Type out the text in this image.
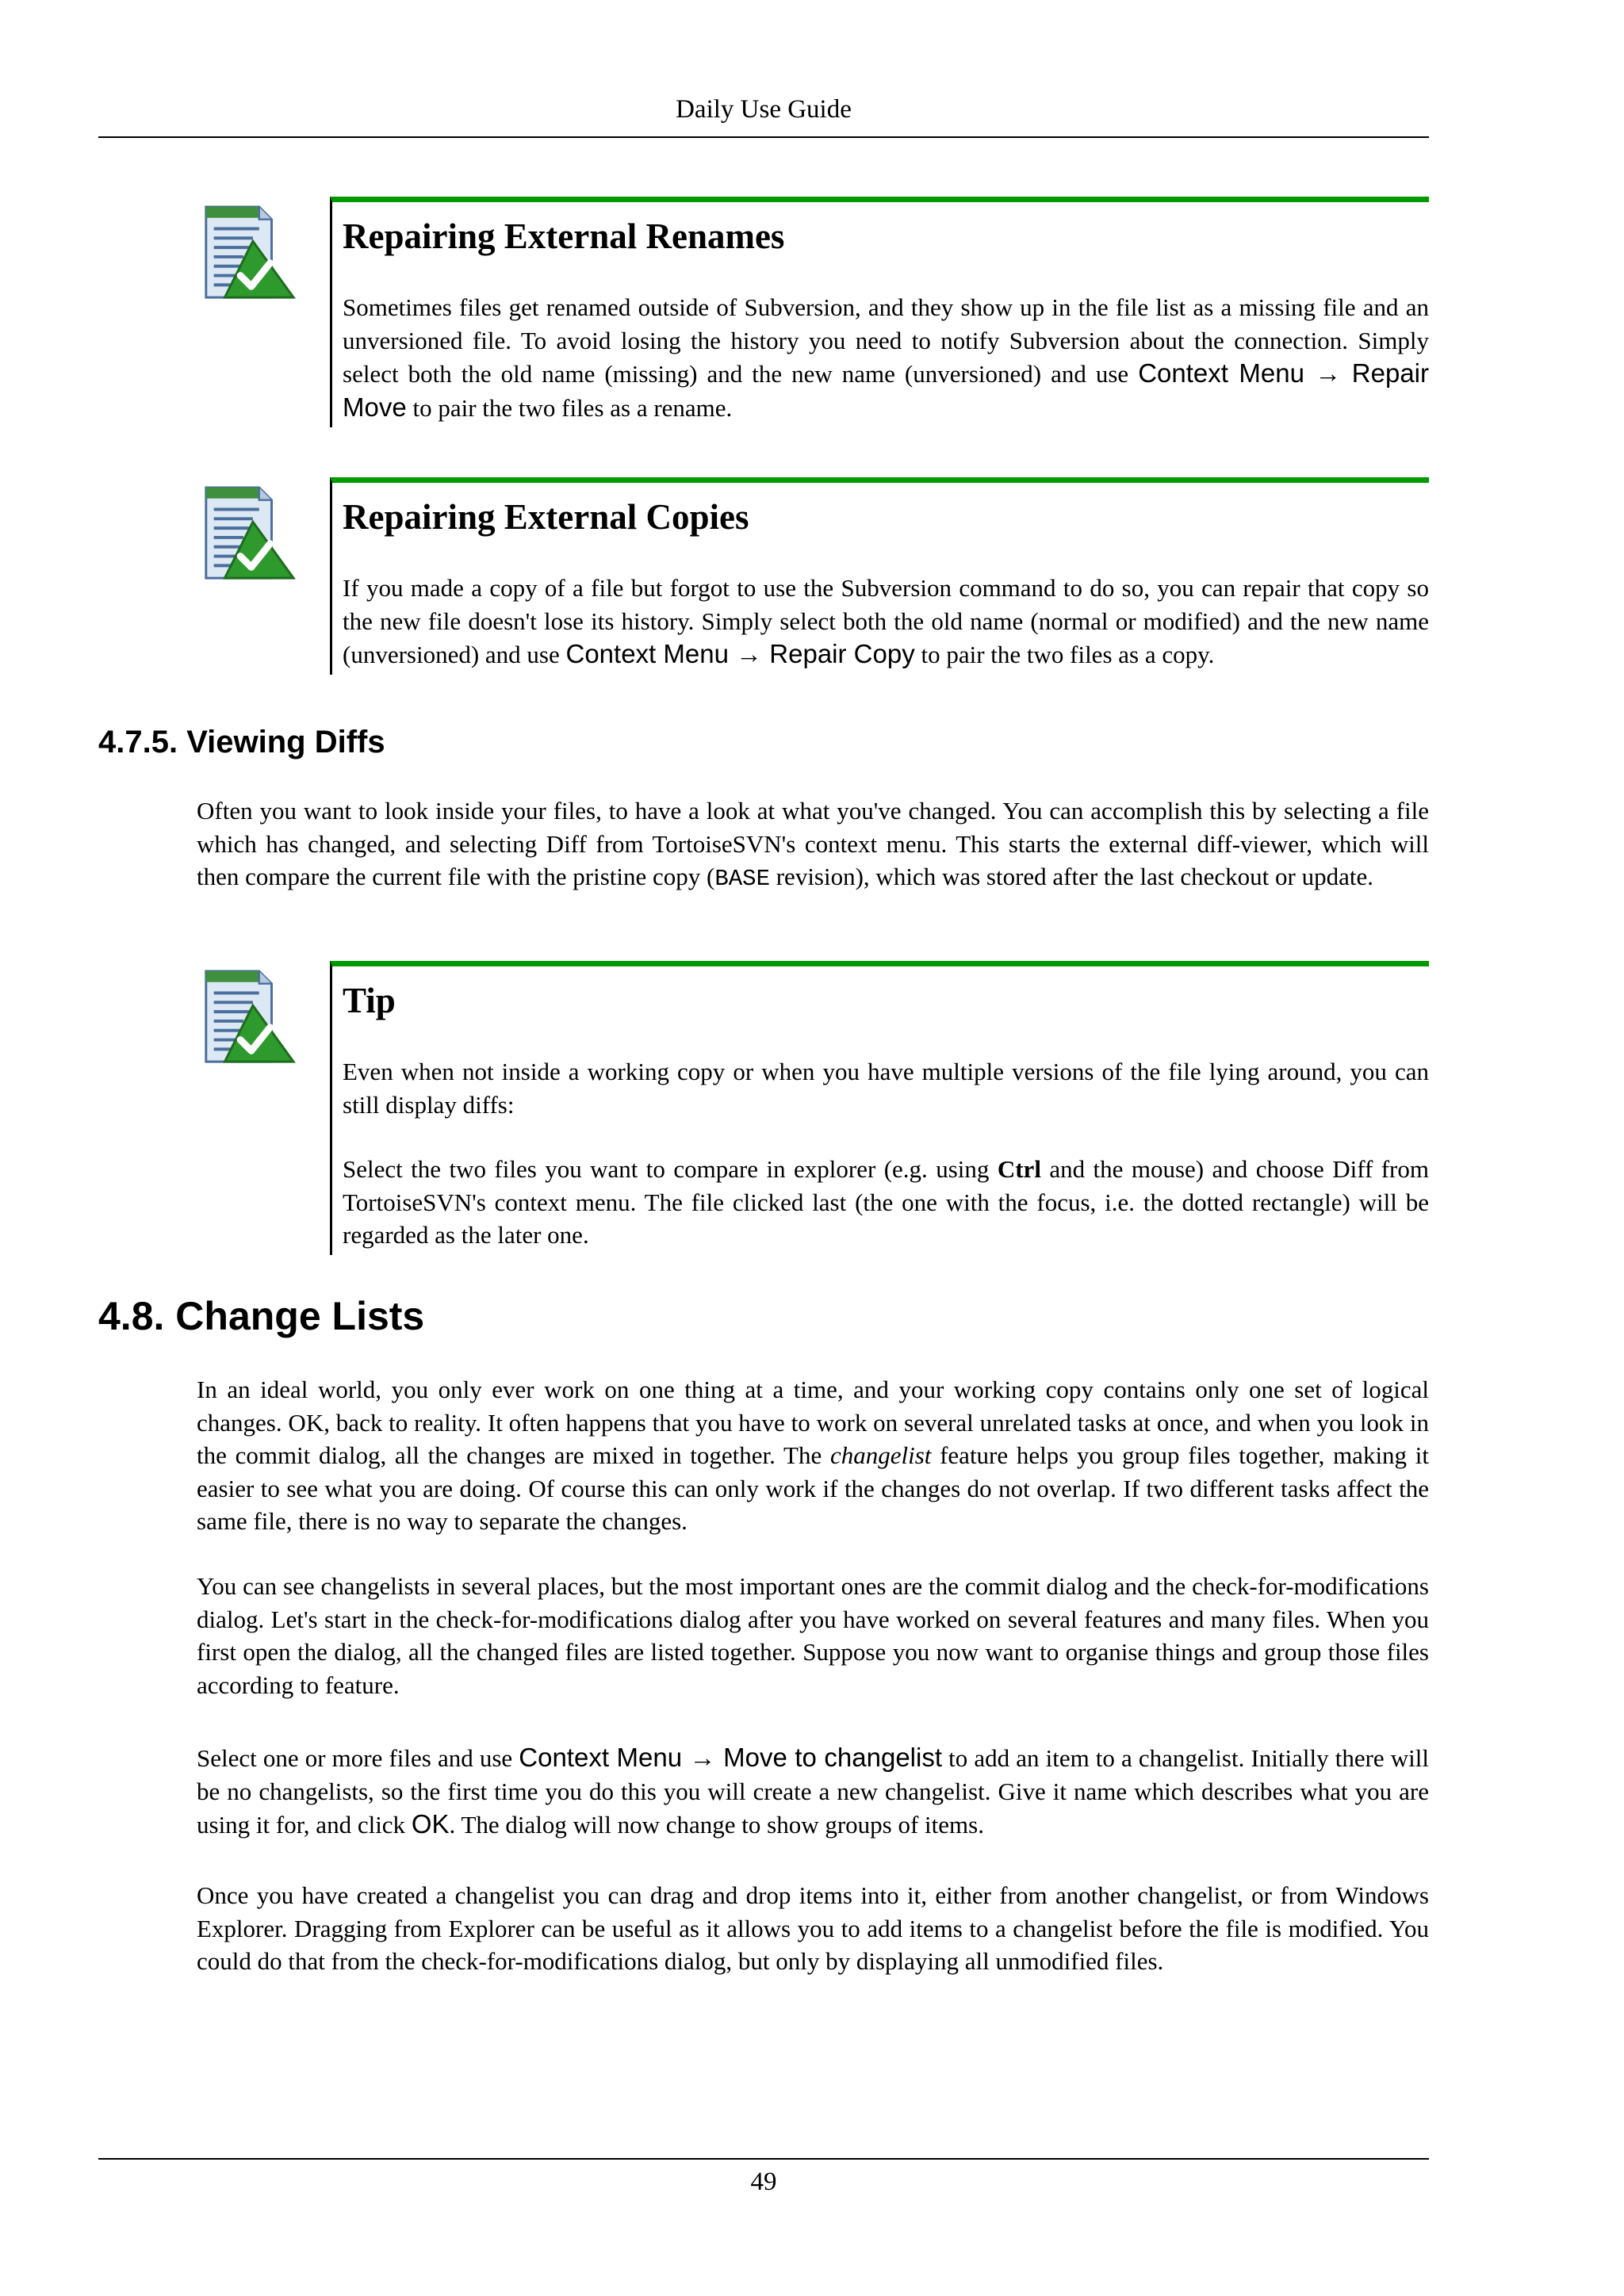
Daily Use Guide
Repairing External Renames

Sometimes files get renamed outside of Subversion, and they show up in the file list as a missing file and an unversioned file. To avoid losing the history you need to notify Subversion about the connection. Simply select both the old name (missing) and the new name (unversioned) and use Context Menu → Repair Move to pair the two files as a rename.

Repairing External Copies

If you made a copy of a file but forgot to use the Subversion command to do so, you can repair that copy so the new file doesn't lose its history. Simply select both the old name (normal or modified) and the new name (unversioned) and use Context Menu → Repair Copy to pair the two files as a copy.

4.7.5. Viewing Diffs

Often you want to look inside your files, to have a look at what you've changed. You can accomplish this by selecting a file which has changed, and selecting Diff from TortoiseSVN's context menu. This starts the external diff-viewer, which will then compare the current file with the pristine copy (BASE revision), which was stored after the last checkout or update.

Tip

Even when not inside a working copy or when you have multiple versions of the file lying around, you can still display diffs:

Select the two files you want to compare in explorer (e.g. using Ctrl and the mouse) and choose Diff from TortoiseSVN's context menu. The file clicked last (the one with the focus, i.e. the dotted rectangle) will be regarded as the later one.

4.8. Change Lists

In an ideal world, you only ever work on one thing at a time, and your working copy contains only one set of logical changes. OK, back to reality. It often happens that you have to work on several unrelated tasks at once, and when you look in the commit dialog, all the changes are mixed in together. The changelist feature helps you group files together, making it easier to see what you are doing. Of course this can only work if the changes do not overlap. If two different tasks affect the same file, there is no way to separate the changes.

You can see changelists in several places, but the most important ones are the commit dialog and the check-for-modifications dialog. Let's start in the check-for-modifications dialog after you have worked on several features and many files. When you first open the dialog, all the changed files are listed together. Suppose you now want to organise things and group those files according to feature.

Select one or more files and use Context Menu → Move to changelist to add an item to a changelist. Initially there will be no changelists, so the first time you do this you will create a new changelist. Give it name which describes what you are using it for, and click OK. The dialog will now change to show groups of items.

Once you have created a changelist you can drag and drop items into it, either from another changelist, or from Windows Explorer. Dragging from Explorer can be useful as it allows you to add items to a changelist before the file is modified. You could do that from the check-for-modifications dialog, but only by displaying all unmodified files.

49
